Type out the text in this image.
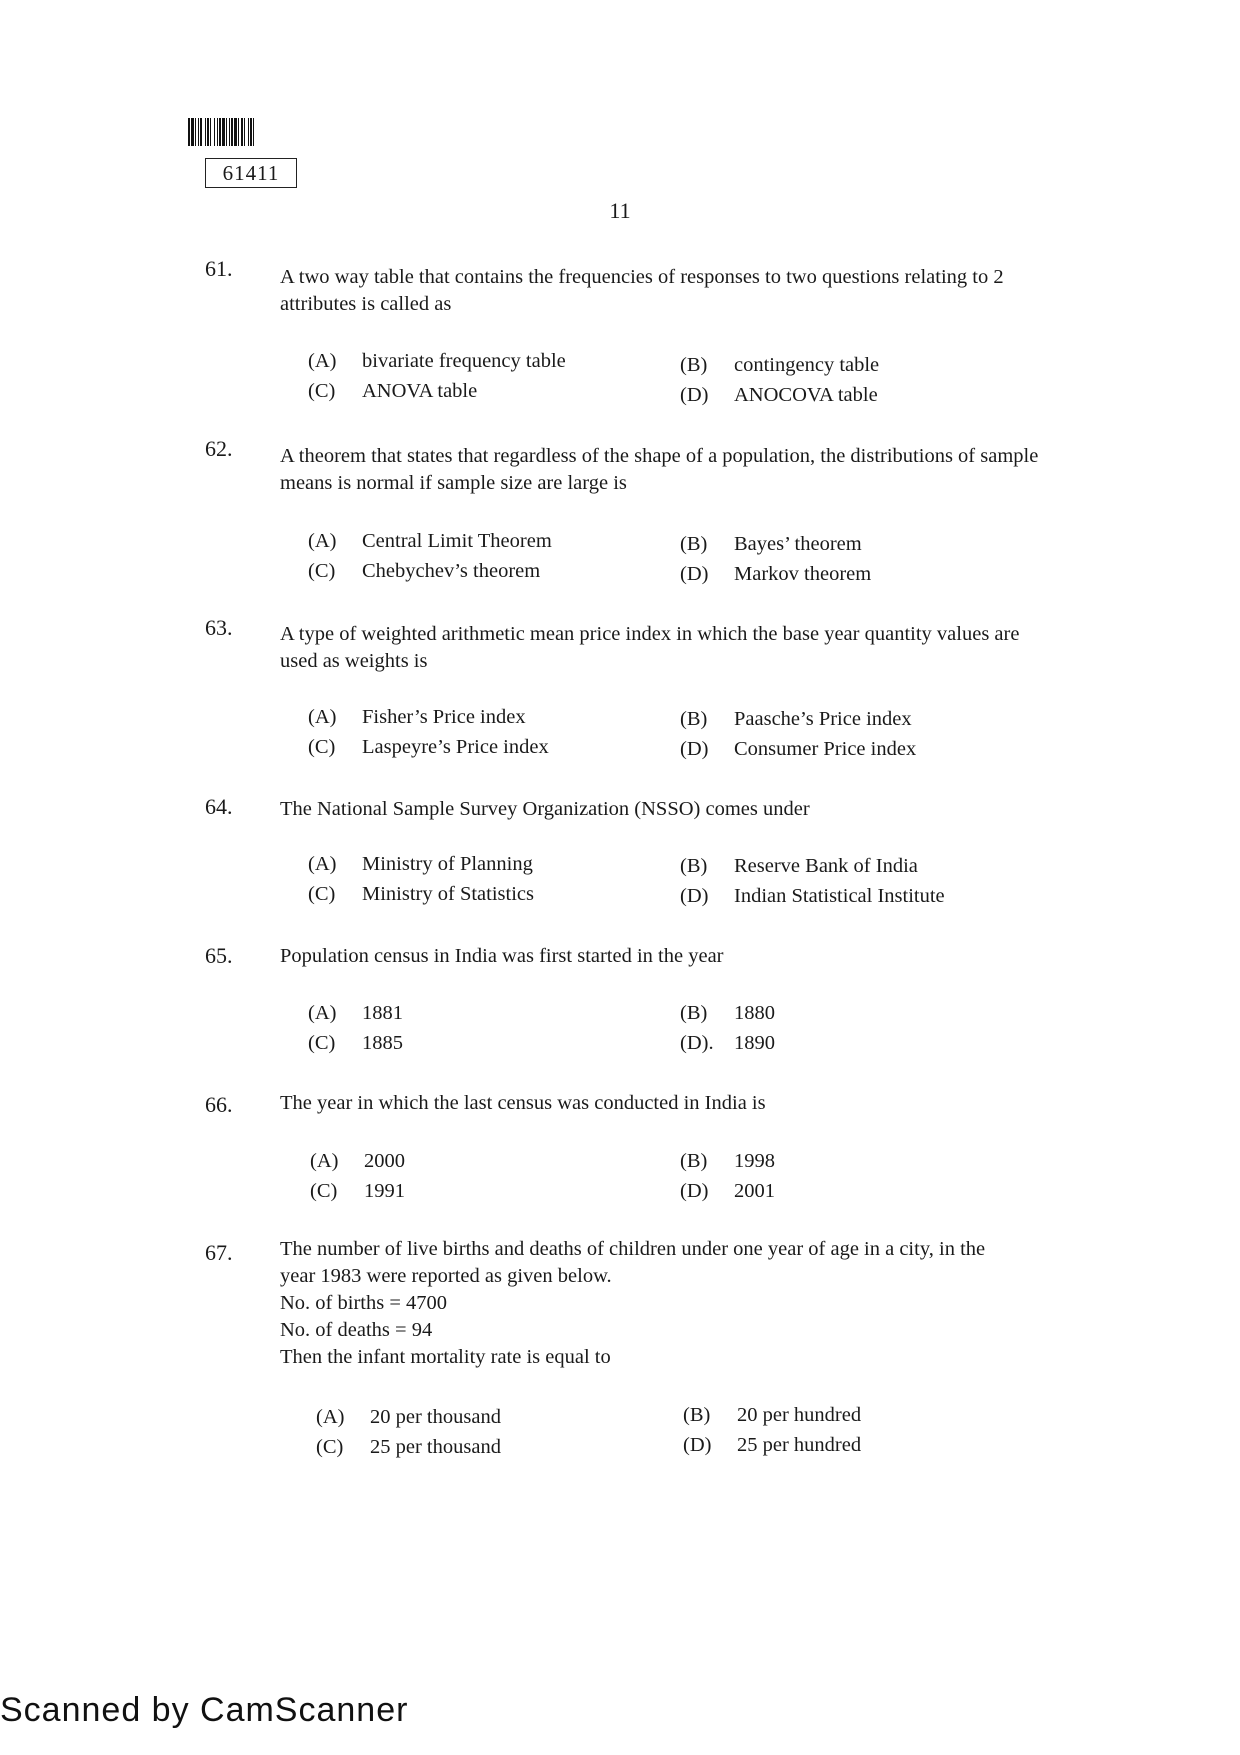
61411
11
61. A two way table that contains the frequencies of responses to two questions relating to 2 attributes is called as
(A) bivariate frequency table	(B) contingency table
(C) ANOVA table	(D) ANOCOVA table
62. A theorem that states that regardless of the shape of a population, the distributions of sample means is normal if sample size are large is
(A) Central Limit Theorem	(B) Bayes’ theorem
(C) Chebychev’s theorem	(D) Markov theorem
63. A type of weighted arithmetic mean price index in which the base year quantity values are used as weights is
(A) Fisher’s Price index	(B) Paasche’s Price index
(C) Laspeyre’s Price index	(D) Consumer Price index
64. The National Sample Survey Organization (NSSO) comes under
(A) Ministry of Planning	(B) Reserve Bank of India
(C) Ministry of Statistics	(D) Indian Statistical Institute
65. Population census in India was first started in the year
(A) 1881	(B) 1880
(C) 1885	(D). 1890
66. The year in which the last census was conducted in India is
(A) 2000	(B) 1998
(C) 1991	(D) 2001
67. The number of live births and deaths of children under one year of age in a city, in the
year 1983 were reported as given below.
No. of births = 4700
No. of deaths = 94
Then the infant mortality rate is equal to
(A) 20 per thousand	(B) 20 per hundred
(C) 25 per thousand	(D) 25 per hundred
Scanned by CamScanner
